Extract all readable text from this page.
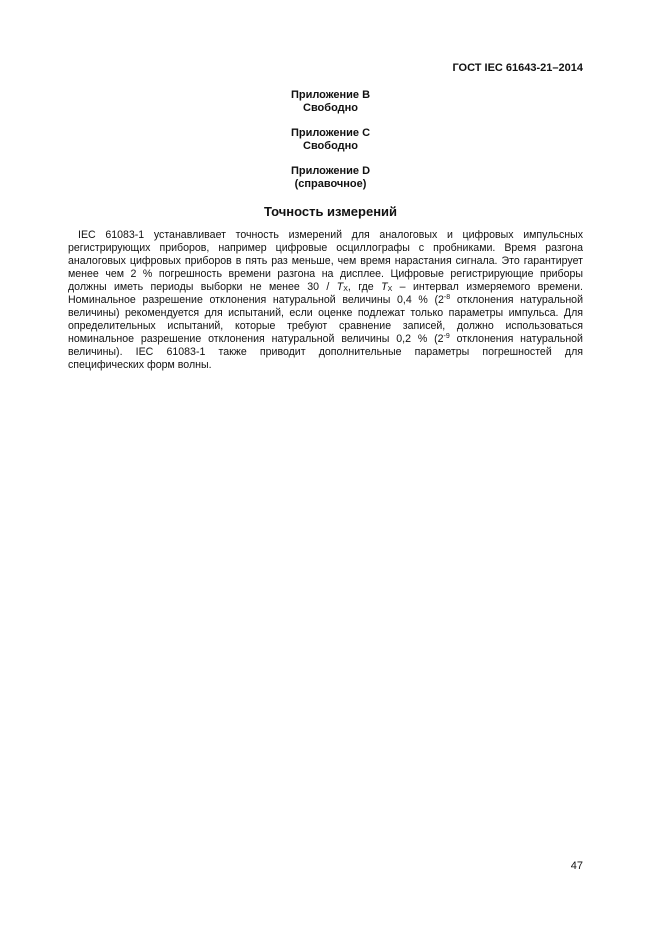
ГОСТ IEC 61643-21–2014
Приложение B
Свободно
Приложение C
Свободно
Приложение D
(справочное)
Точность измерений
IEC 61083-1 устанавливает точность измерений для аналоговых и цифровых импульсных
регистрирующих приборов, например цифровые осциллографы с пробниками. Время разгона
аналоговых цифровых приборов в пять раз меньше, чем время нарастания сигнала. Это гарантирует
менее чем 2 % погрешность времени разгона на дисплее. Цифровые регистрирующие приборы
должны иметь периоды выборки не менее $30 / T_X$, где $T_X$ – интервал измеряемого времени.
Номинальное разрешение отклонения натуральной величины 0,4 % ($2^{-8}$ отклонения натуральной
величины) рекомендуется для испытаний, если оценке подлежат только параметры импульса. Для
определительных испытаний, которые требуют сравнение записей, должно использоваться
номинальное разрешение отклонения натуральной величины 0,2 % ($2^{-9}$ отклонения натуральной
величины). IEC 61083-1 также приводит дополнительные параметры погрешностей для
специфических форм волны.
47
